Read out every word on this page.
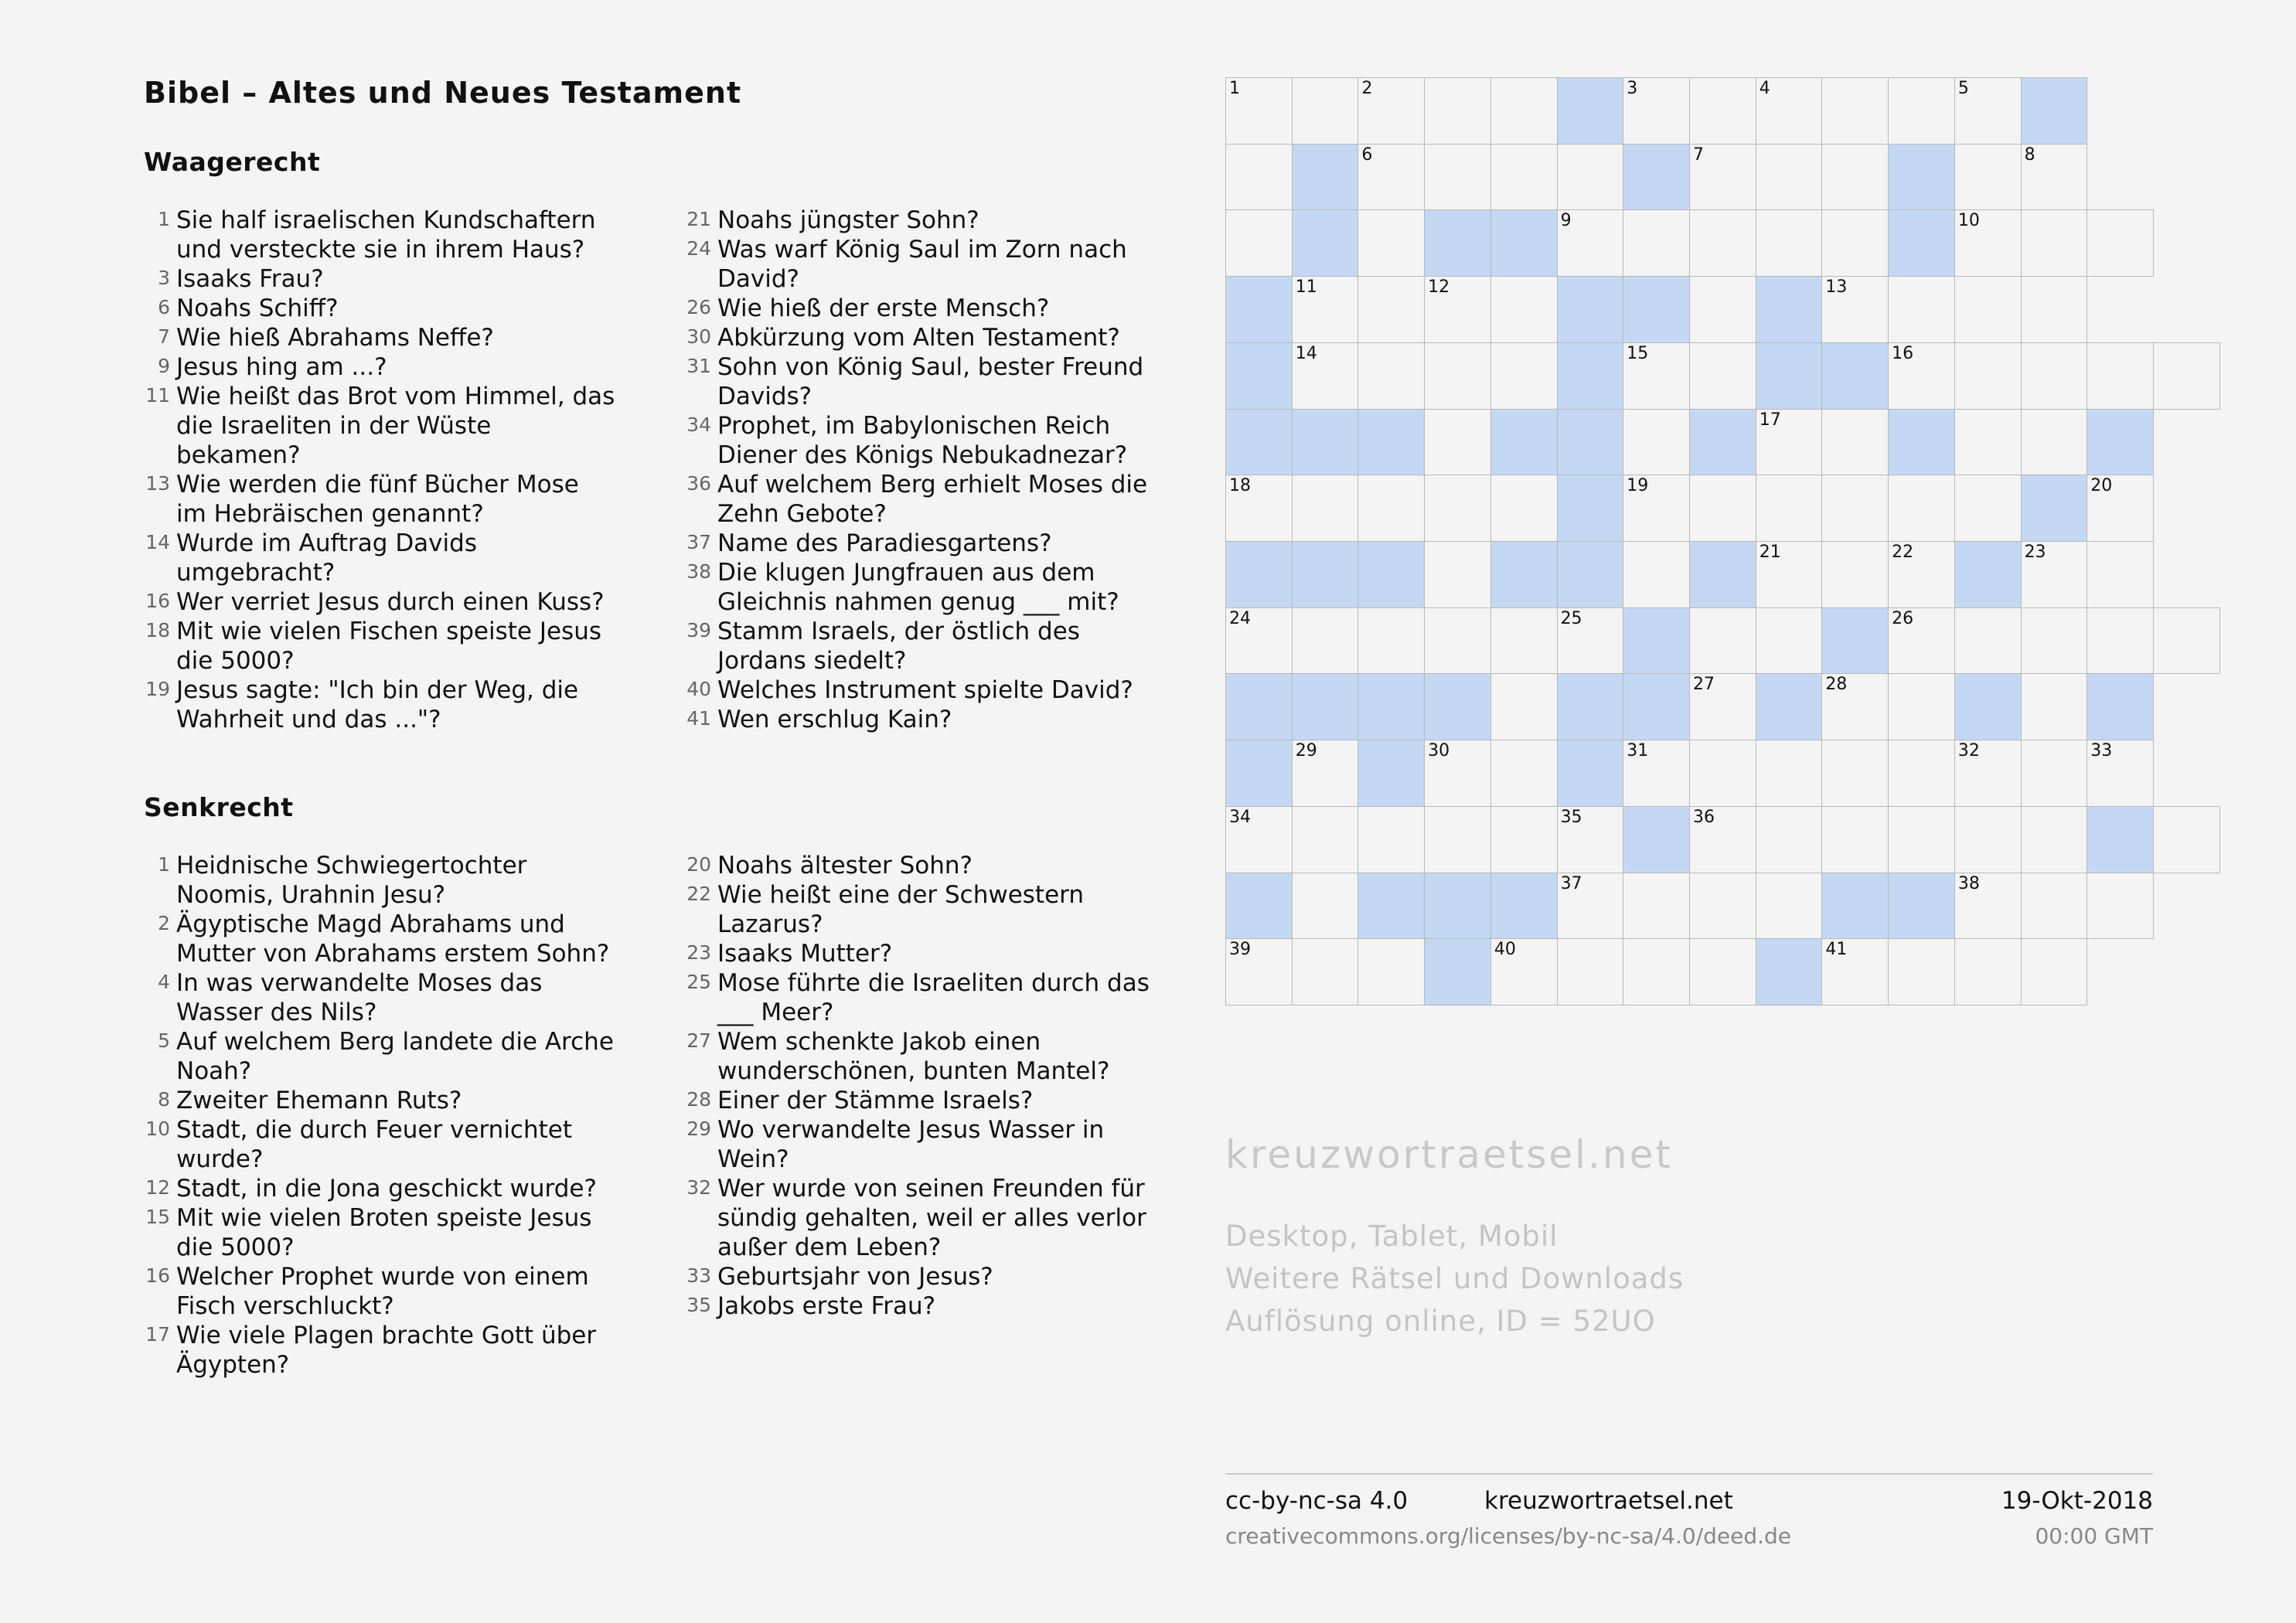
Bibel – Altes und Neues Testament
Waagerecht
1 Sie half israelischen Kundschaftern und versteckte sie in ihrem Haus?
3 Isaaks Frau?
6 Noahs Schiff?
7 Wie hieß Abrahams Neffe?
9 Jesus hing am ...?
11 Wie heißt das Brot vom Himmel, das die Israeliten in der Wüste bekamen?
13 Wie werden die fünf Bücher Mose im Hebräischen genannt?
14 Wurde im Auftrag Davids umgebracht?
16 Wer verriet Jesus durch einen Kuss?
18 Mit wie vielen Fischen speiste Jesus die 5000?
19 Jesus sagte: "Ich bin der Weg, die Wahrheit und das ..."?
21 Noahs jüngster Sohn?
24 Was warf König Saul im Zorn nach David?
26 Wie hieß der erste Mensch?
30 Abkürzung vom Alten Testament?
31 Sohn von König Saul, bester Freund Davids?
34 Prophet, im Babylonischen Reich Diener des Königs Nebukadnezar?
36 Auf welchem Berg erhielt Moses die Zehn Gebote?
37 Name des Paradiesgartens?
38 Die klugen Jungfrauen aus dem Gleichnis nahmen genug ___ mit?
39 Stamm Israels, der östlich des Jordans siedelt?
40 Welches Instrument spielte David?
41 Wen erschlug Kain?
Senkrecht
1 Heidnische Schwiegertochter Noomis, Urahnin Jesu?
2 Ägyptische Magd Abrahams und Mutter von Abrahams erstem Sohn?
4 In was verwandelte Moses das Wasser des Nils?
5 Auf welchem Berg landete die Arche Noah?
8 Zweiter Ehemann Ruts?
10 Stadt, die durch Feuer vernichtet wurde?
12 Stadt, in die Jona geschickt wurde?
15 Mit wie vielen Broten speiste Jesus die 5000?
16 Welcher Prophet wurde von einem Fisch verschluckt?
17 Wie viele Plagen brachte Gott über Ägypten?
20 Noahs ältester Sohn?
22 Wie heißt eine der Schwestern Lazarus?
23 Isaaks Mutter?
25 Mose führte die Israeliten durch das ___ Meer?
27 Wem schenkte Jakob einen wunderschönen, bunten Mantel?
28 Einer der Stämme Israels?
29 Wo verwandelte Jesus Wasser in Wein?
32 Wer wurde von seinen Freunden für sündig gehalten, weil er alles verlor außer dem Leben?
33 Geburtsjahr von Jesus?
35 Jakobs erste Frau?
1	2	3	4	5
6	7	8
9	10
11	12	13
14	15	16
17
18	19	20
21	22	23
24	25	26
27	28
29	30	31	32	33
34	35	36
37	38
39	40	41
kreuzwortraetsel.net
Desktop, Tablet, Mobil
Weitere Rätsel und Downloads
Auflösung online, ID = 52UO
cc-by-nc-sa 4.0	kreuzwortraetsel.net	19-Okt-2018
creativecommons.org/licenses/by-nc-sa/4.0/deed.de	00:00 GMT
